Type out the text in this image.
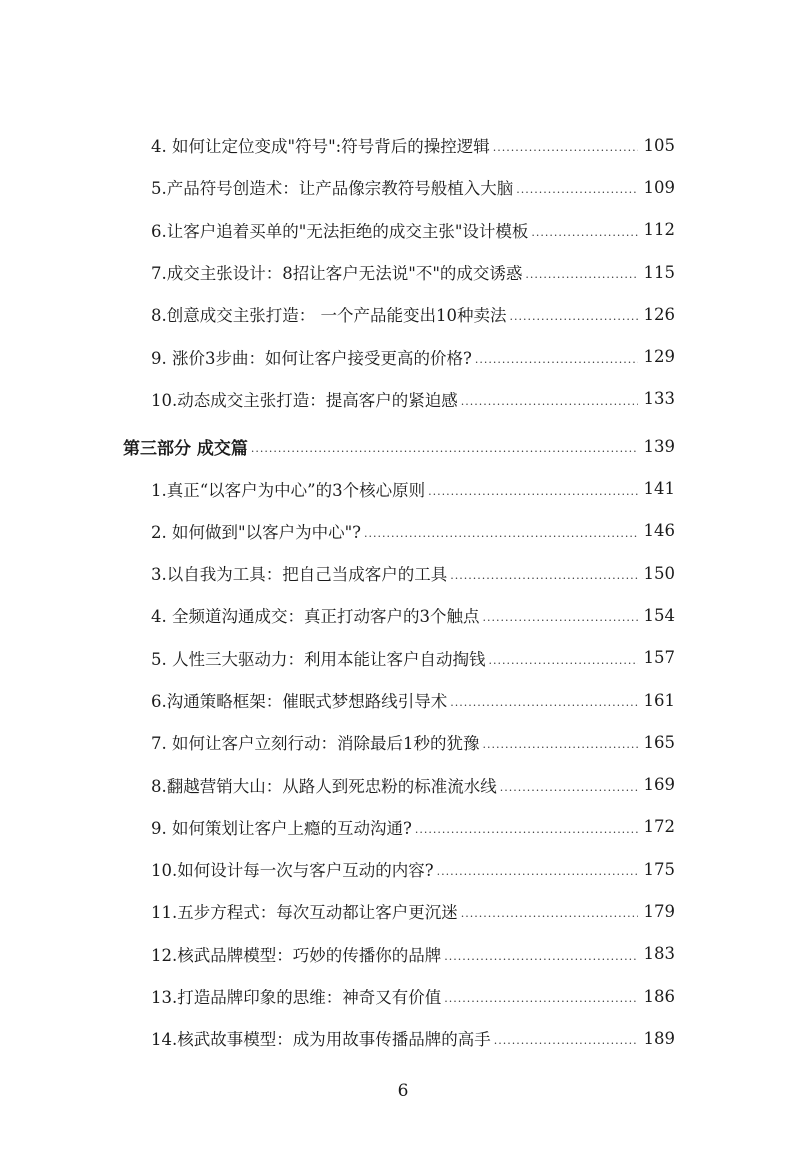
4. 如何让定位变成"符号":符号背后的操控逻辑 .....	105
5.产品符号创造术：让产品像宗教符号般植入大脑 .....	109
6.让客户追着买单的"无法拒绝的成交主张"设计模板 .....	112
7.成交主张设计：8招让客户无法说"不"的成交诱惑 .....	115
8.创意成交主张打造： 一个产品能变出10种卖法 .....	126
9. 涨价3步曲：如何让客户接受更高的价格? .....	129
10.动态成交主张打造：提高客户的紧迫感 .....	133
第三部分 成交篇 .....	139
1.真正“以客户为中心”的3个核心原则 .....	141
2. 如何做到"以客户为中心"? .....	146
3.以自我为工具：把自己当成客户的工具 .....	150
4. 全频道沟通成交：真正打动客户的3个触点 .....	154
5. 人性三大驱动力：利用本能让客户自动掏钱 .....	157
6.沟通策略框架：催眠式梦想路线引导术 .....	161
7. 如何让客户立刻行动：消除最后1秒的犹豫 .....	165
8.翻越营销大山：从路人到死忠粉的标准流水线 .....	169
9. 如何策划让客户上瘾的互动沟通? .....	172
10.如何设计每一次与客户互动的内容? .....	175
11.五步方程式：每次互动都让客户更沉迷 .....	179
12.核武品牌模型：巧妙的传播你的品牌 .....	183
13.打造品牌印象的思维：神奇又有价值 .....	186
14.核武故事模型：成为用故事传播品牌的高手 .....	189
6
